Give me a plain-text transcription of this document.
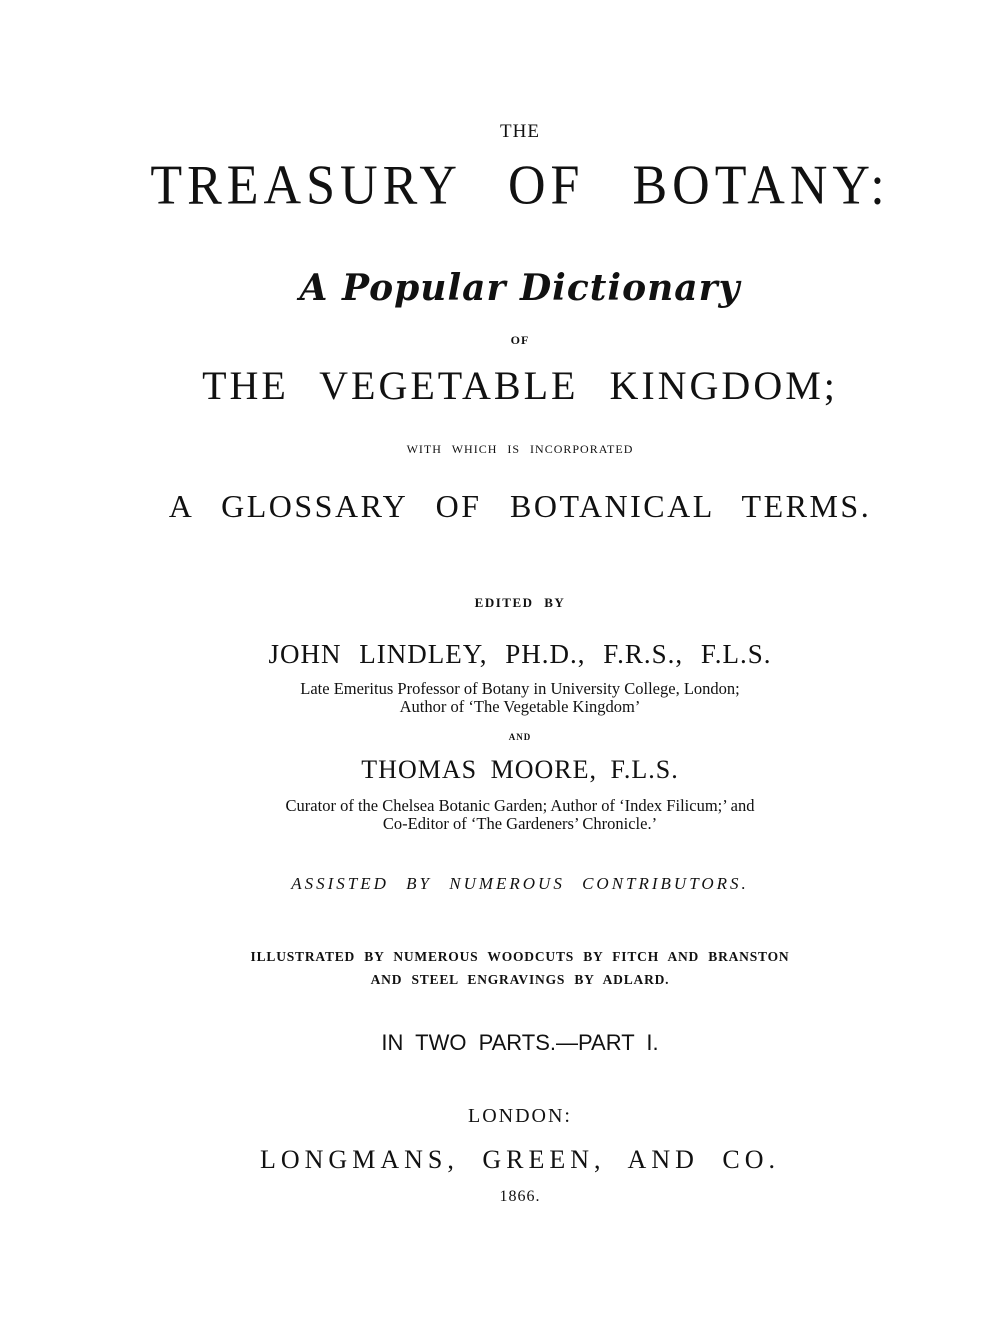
THE
TREASURY OF BOTANY:
A Popular Dictionary
OF
THE VEGETABLE KINGDOM;
WITH WHICH IS INCORPORATED
A GLOSSARY OF BOTANICAL TERMS.
EDITED BY
JOHN LINDLEY, PH.D., F.R.S., F.L.S.
Late Emeritus Professor of Botany in University College, London;
Author of ‘The Vegetable Kingdom’
AND
THOMAS MOORE, F.L.S.
Curator of the Chelsea Botanic Garden; Author of ‘Index Filicum;’ and
Co-Editor of ‘The Gardeners’ Chronicle.’
ASSISTED BY NUMEROUS CONTRIBUTORS.
ILLUSTRATED BY NUMEROUS WOODCUTS BY FITCH AND BRANSTON
AND STEEL ENGRAVINGS BY ADLARD.
IN TWO PARTS.—PART I.
LONDON:
LONGMANS, GREEN, AND CO.
1866.
